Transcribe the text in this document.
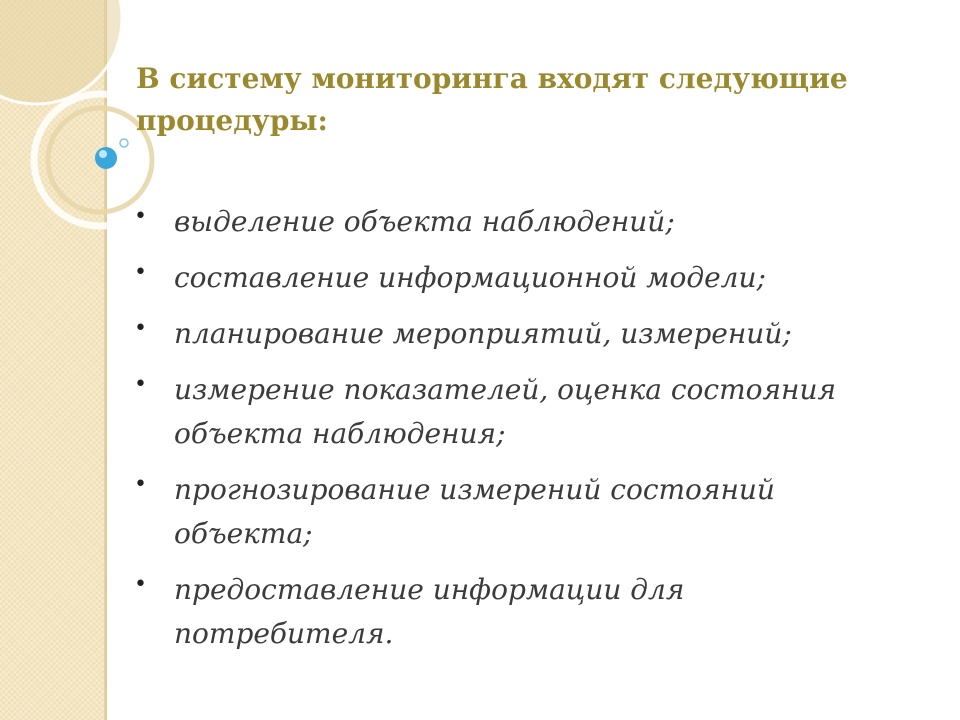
В систему мониторинга входят следующие процедуры:
• выделение объекта наблюдений;
• составление информационной модели;
• планирование мероприятий, измерений;
• измерение показателей, оценка состояния объекта наблюдения;
• прогнозирование измерений состояний объекта;
• предоставление информации для потребителя.
